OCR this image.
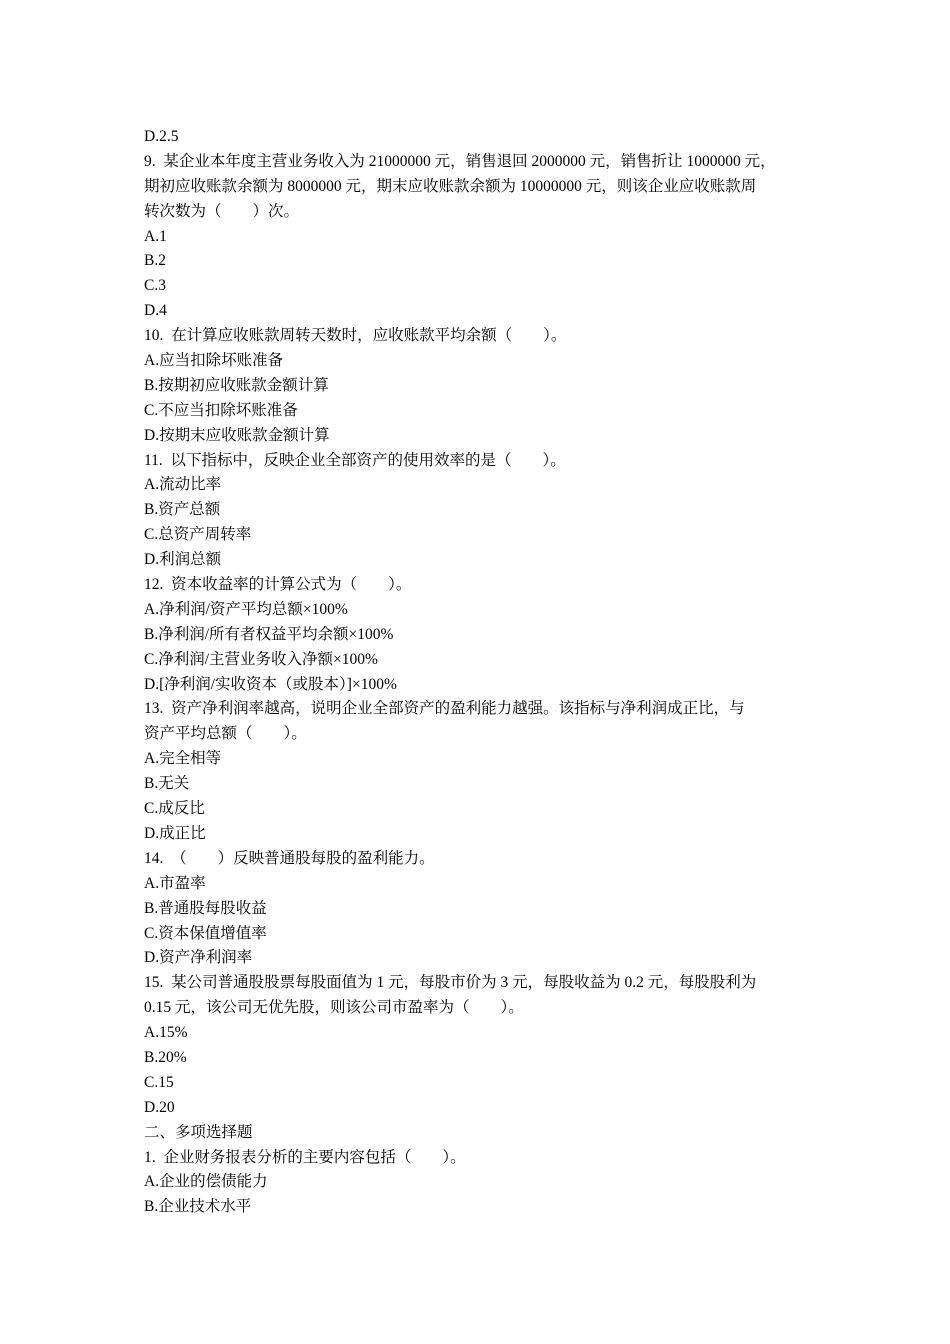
D.2.5
9.  某企业本年度主营业务收入为 21000000 元，销售退回 2000000 元，销售折让 1000000 元，
期初应收账款余额为 8000000 元，期末应收账款余额为 10000000 元，则该企业应收账款周
转次数为（        ）次。
A.1
B.2
C.3
D.4
10.  在计算应收账款周转天数时，应收账款平均余额（        ）。
A.应当扣除坏账准备
B.按期初应收账款金额计算
C.不应当扣除坏账准备
D.按期末应收账款金额计算
11.  以下指标中，反映企业全部资产的使用效率的是（        ）。
A.流动比率
B.资产总额
C.总资产周转率
D.利润总额
12.  资本收益率的计算公式为（        ）。
A.净利润/资产平均总额×100%
B.净利润/所有者权益平均余额×100%
C.净利润/主营业务收入净额×100%
D.[净利润/实收资本（或股本）]×100%
13.  资产净利润率越高，说明企业全部资产的盈利能力越强。该指标与净利润成正比，与
资产平均总额（        ）。
A.完全相等
B.无关
C.成反比
D.成正比
14.  （        ）反映普通股每股的盈利能力。
A.市盈率
B.普通股每股收益
C.资本保值增值率
D.资产净利润率
15.  某公司普通股股票每股面值为 1 元，每股市价为 3 元，每股收益为 0.2 元，每股股利为
0.15 元，该公司无优先股，则该公司市盈率为（        ）。
A.15%
B.20%
C.15
D.20
二、多项选择题
1.  企业财务报表分析的主要内容包括（        ）。
A.企业的偿债能力
B.企业技术水平
